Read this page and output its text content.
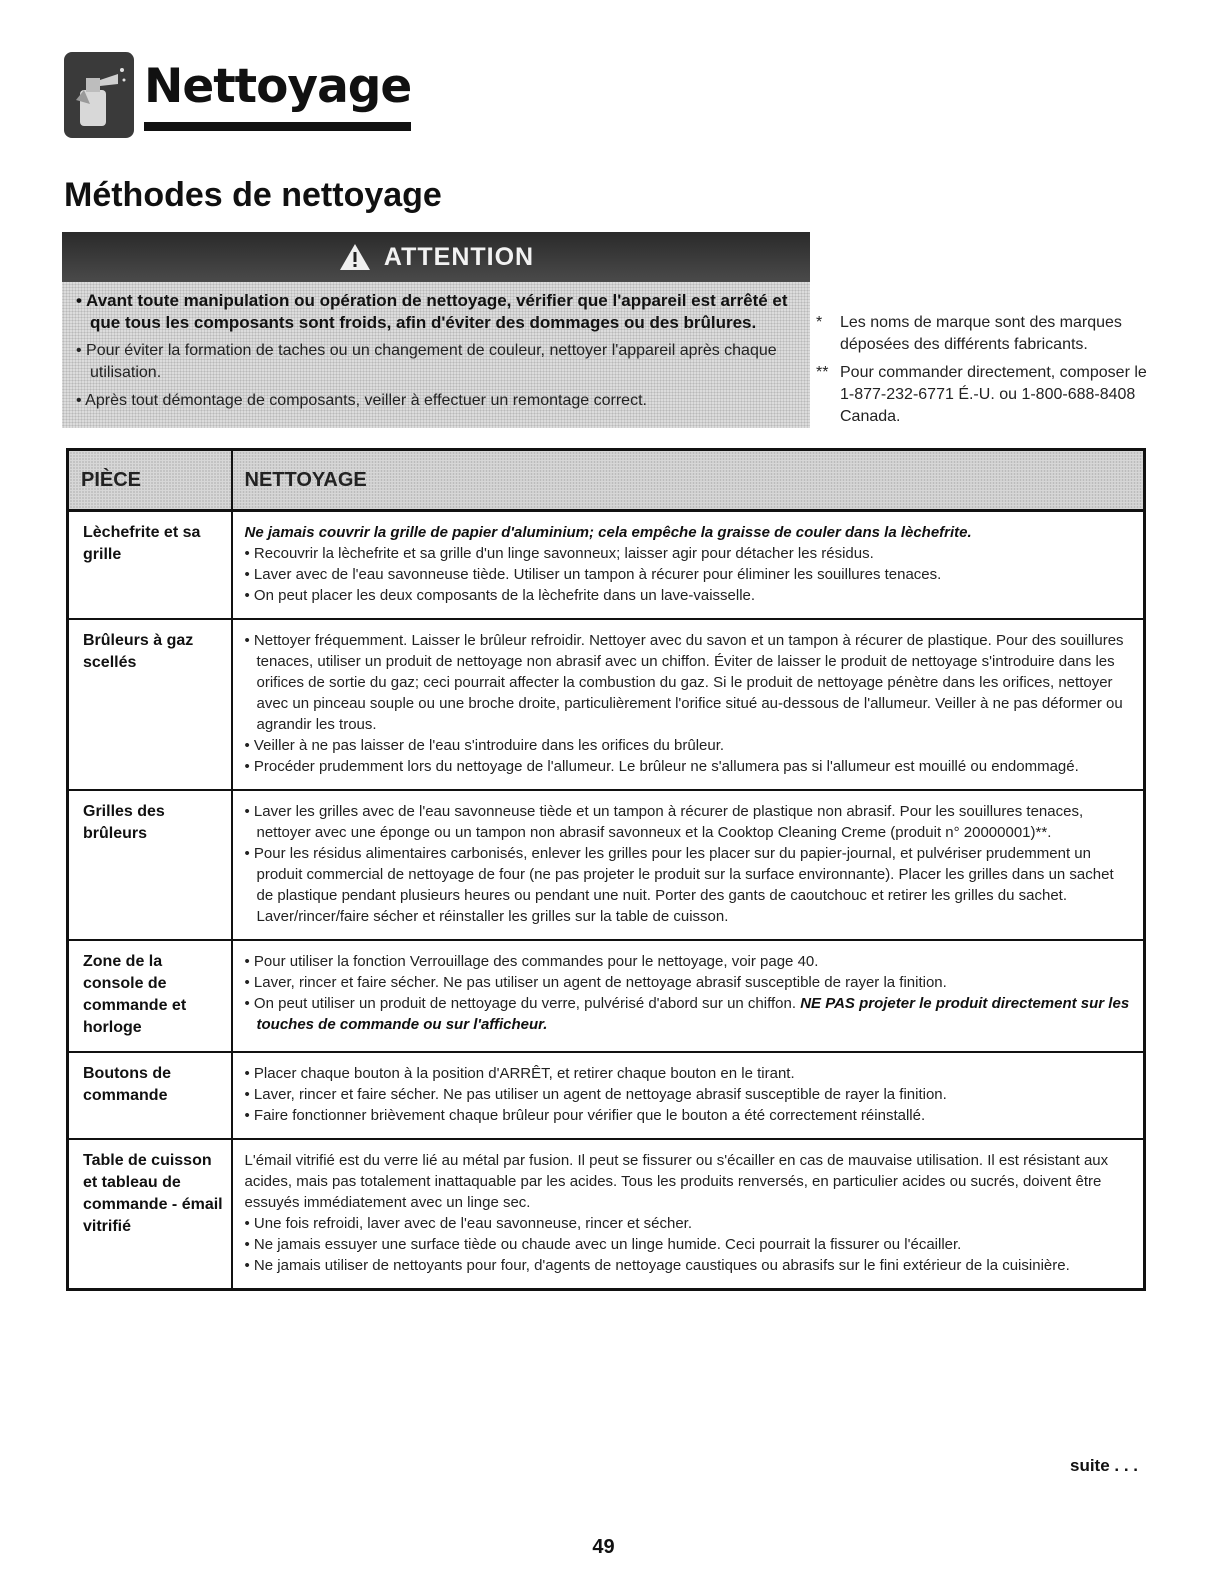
Nettoyage
Méthodes de nettoyage
ATTENTION
• Avant toute manipulation ou opération de nettoyage, vérifier que l'appareil est arrêté et que tous les composants sont froids, afin d'éviter des dommages ou des brûlures.
• Pour éviter la formation de taches ou un changement de couleur, nettoyer l'appareil après chaque utilisation.
• Après tout démontage de composants, veiller à effectuer un remontage correct.
*	Les noms de marque sont des marques déposées des différents fabricants.
** Pour commander directement, composer le 1-877-232-6771 É.-U. ou 1-800-688-8408 Canada.
PIÈCE	NETTOYAGE
Lèchefrite et sa grille	Ne jamais couvrir la grille de papier d'aluminium; cela empêche la graisse de couler dans la lèchefrite.

• Recouvrir la lèchefrite et sa grille d'un linge savonneux; laisser agir pour détacher les résidus.

• Laver avec de l'eau savonneuse tiède. Utiliser un tampon à récurer pour éliminer les souillures tenaces.

• On peut placer les deux composants de la lèchefrite dans un lave-vaisselle.

Brûleurs à gaz scellés	• Nettoyer fréquemment. Laisser le brûleur refroidir. Nettoyer avec du savon et un tampon à récurer de plastique. Pour des souillures tenaces, utiliser un produit de nettoyage non abrasif avec un chiffon. Éviter de laisser le produit de nettoyage s'introduire dans les orifices de sortie du gaz; ceci pourrait affecter la combustion du gaz. Si le produit de nettoyage pénètre dans les orifices, nettoyer avec un pinceau souple ou une broche droite, particulièrement l'orifice situé au-dessous de l'allumeur. Veiller à ne pas déformer ou agrandir les trous.

• Veiller à ne pas laisser de l'eau s'introduire dans les orifices du brûleur.

• Procéder prudemment lors du nettoyage de l'allumeur. Le brûleur ne s'allumera pas si l'allumeur est mouillé ou endommagé.

Grilles des brûleurs	• Laver les grilles avec de l'eau savonneuse tiède et un tampon à récurer de plastique non abrasif. Pour les souillures tenaces, nettoyer avec une éponge ou un tampon non abrasif savonneux et la Cooktop Cleaning Creme (produit n° 20000001)**.

• Pour les résidus alimentaires carbonisés, enlever les grilles pour les placer sur du papier-journal, et pulvériser prudemment un produit commercial de nettoyage de four (ne pas projeter le produit sur la surface environnante). Placer les grilles dans un sachet de plastique pendant plusieurs heures ou pendant une nuit. Porter des gants de caoutchouc et retirer les grilles du sachet. Laver/rincer/faire sécher et réinstaller les grilles sur la table de cuisson.

Zone de la console de commande et horloge	• Pour utiliser la fonction Verrouillage des commandes pour le nettoyage, voir page 40.

• Laver, rincer et faire sécher. Ne pas utiliser un agent de nettoyage abrasif susceptible de rayer la finition.

• On peut utiliser un produit de nettoyage du verre, pulvérisé d'abord sur un chiffon. NE PAS projeter le produit directement sur les touches de commande ou sur l'afficheur.

Boutons de commande	• Placer chaque bouton à la position d'ARRÊT, et retirer chaque bouton en le tirant.

• Laver, rincer et faire sécher. Ne pas utiliser un agent de nettoyage abrasif susceptible de rayer la finition.

• Faire fonctionner brièvement chaque brûleur pour vérifier que le bouton a été correctement réinstallé.

Table de cuisson et tableau de commande - émail vitrifié	L'émail vitrifié est du verre lié au métal par fusion. Il peut se fissurer ou s'écailler en cas de mauvaise utilisation. Il est résistant aux acides, mais pas totalement inattaquable par les acides. Tous les produits renversés, en particulier acides ou sucrés, doivent être essuyés immédiatement avec un linge sec.

• Une fois refroidi, laver avec de l'eau savonneuse, rincer et sécher.

• Ne jamais essuyer une surface tiède ou chaude avec un linge humide. Ceci pourrait la fissurer ou l'écailler.

• Ne jamais utiliser de nettoyants pour four, d'agents de nettoyage caustiques ou abrasifs sur le fini extérieur de la cuisinière.

suite . . .
49
